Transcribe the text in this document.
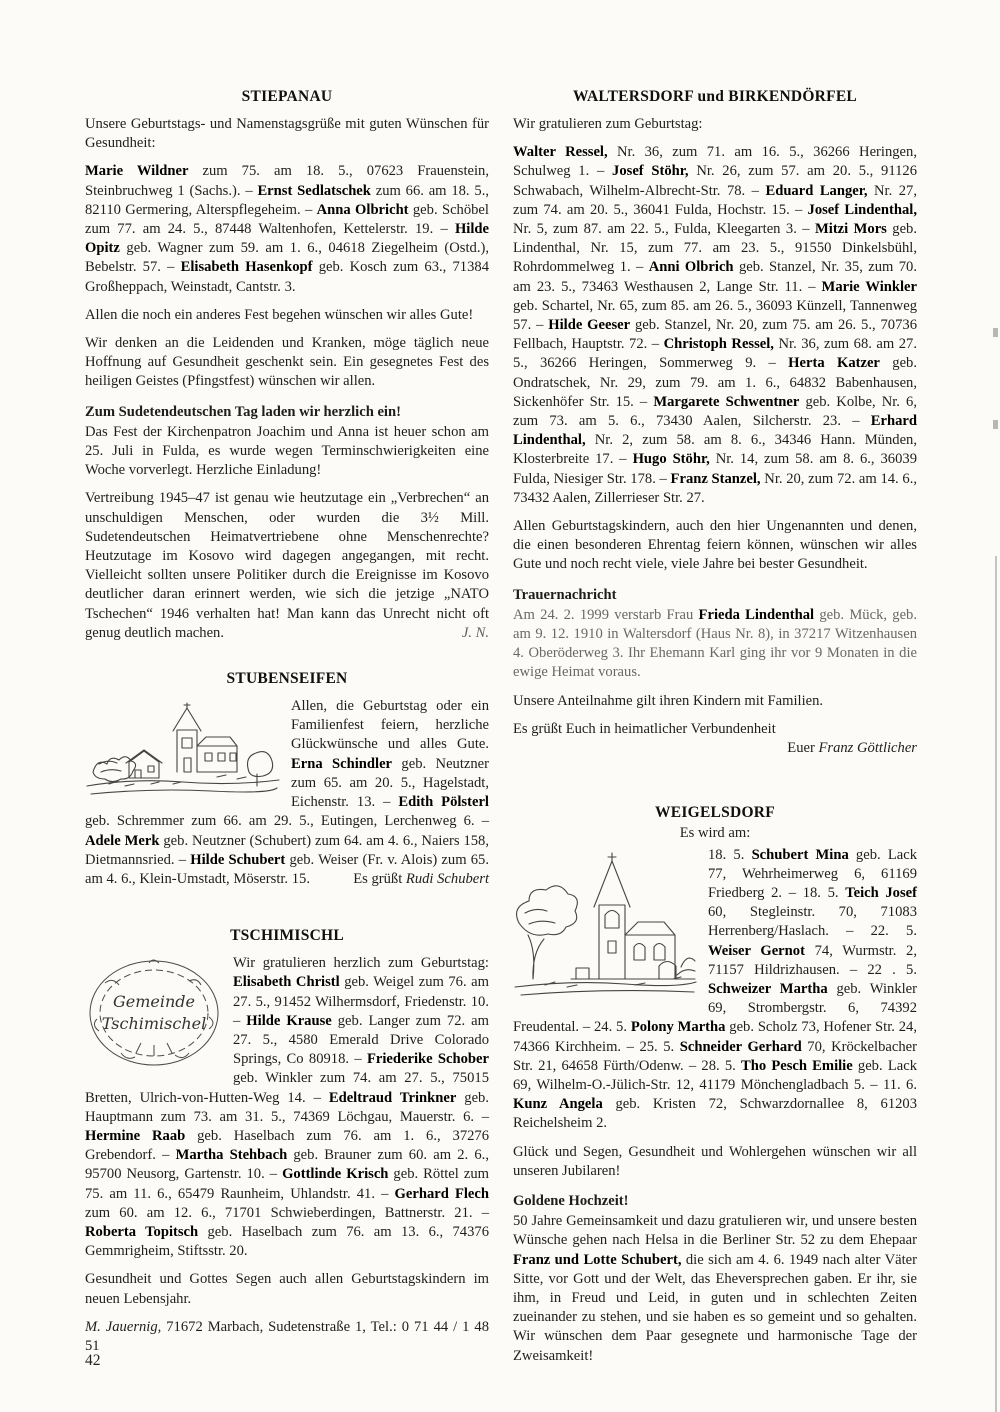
STIEPANAU

Unsere Geburtstags- und Namenstagsgrüße mit guten Wünschen für Gesundheit:

Marie Wildner zum 75. am 18. 5., 07623 Frauenstein, Steinbruchweg 1 (Sachs.). – Ernst Sedlatschek zum 66. am 18. 5., 82110 Germering, Alterspflegeheim. – Anna Olbricht geb. Schöbel zum 77. am 24. 5., 87448 Waltenhofen, Kettelerstr. 19. – Hilde Opitz geb. Wagner zum 59. am 1. 6., 04618 Ziegelheim (Ostd.), Bebelstr. 57. – Elisabeth Hasenkopf geb. Kosch zum 63., 71384 Großheppach, Weinstadt, Cantstr. 3.

Allen die noch ein anderes Fest begehen wünschen wir alles Gute!

Wir denken an die Leidenden und Kranken, möge täglich neue Hoffnung auf Gesundheit geschenkt sein. Ein gesegnetes Fest des heiligen Geistes (Pfingstfest) wünschen wir allen.

Zum Sudetendeutschen Tag laden wir herzlich ein!

Das Fest der Kirchenpatron Joachim und Anna ist heuer schon am 25. Juli in Fulda, es wurde wegen Terminschwierigkeiten eine Woche vorverlegt. Herzliche Einladung!

Vertreibung 1945–47 ist genau wie heutzutage ein „Verbrechen“ an unschuldigen Menschen, oder wurden die 3½ Mill. Sudetendeutschen Heimatvertriebene ohne Menschenrechte? Heutzutage im Kosovo wird dagegen angegangen, mit recht. Vielleicht sollten unsere Politiker durch die Ereignisse im Kosovo deutlicher daran erinnert werden, wie sich die jetzige „NATO Tschechen“ 1946 verhalten hat! Man kann das Unrecht nicht oft genug deutlich machen.	J. N.

STUBENSEIFEN

Allen, die Geburtstag oder ein Familienfest feiern, herzliche Glückwünsche und alles Gute. Erna Schindler geb. Neutzner zum 65. am 20. 5., Hagelstadt, Eichenstr. 13. – Edith Pölsterl geb. Schremmer zum 66. am 29. 5., Eutingen, Lerchenweg 6. – Adele Merk geb. Neutzner (Schubert) zum 64. am 4. 6., Naiers 158, Dietmannsried. – Hilde Schubert geb. Weiser (Fr. v. Alois) zum 65. am 4. 6., Klein-Umstadt, Möserstr. 15.	Es grüßt Rudi Schubert

TSCHIMISCHL
Gemeinde
Tschimischel

Wir gratulieren herzlich zum Geburtstag: Elisabeth Christl geb. Weigel zum 76. am 27. 5., 91452 Wilhermsdorf, Friedenstr. 10. – Hilde Krause geb. Langer zum 72. am 27. 5., 4580 Emerald Drive Colorado Springs, Co 80918. – Friederike Schober geb. Winkler zum 74. am 27. 5., 75015 Bretten, Ulrich-von-Hutten-Weg 14. – Edeltraud Trinkner geb. Hauptmann zum 73. am 31. 5., 74369 Löchgau, Mauerstr. 6. – Hermine Raab geb. Haselbach zum 76. am 1. 6., 37276 Grebendorf. – Martha Stehbach geb. Brauner zum 60. am 2. 6., 95700 Neusorg, Gartenstr. 10. – Gottlinde Krisch geb. Röttel zum 75. am 11. 6., 65479 Raunheim, Uhlandstr. 41. – Gerhard Flech zum 60. am 12. 6., 71701 Schwieberdingen, Battnerstr. 21. – Roberta Topitsch geb. Haselbach zum 76. am 13. 6., 74376 Gemmrigheim, Stiftsstr. 20.

Gesundheit und Gottes Segen auch allen Geburtstagskindern im neuen Lebensjahr.

M. Jauernig, 71672 Marbach, Sudetenstraße 1, Tel.: 0 71 44 / 1 48 51

WALTERSDORF und BIRKENDÖRFEL

Wir gratulieren zum Geburtstag:

Walter Ressel, Nr. 36, zum 71. am 16. 5., 36266 Heringen, Schulweg 1. – Josef Stöhr, Nr. 26, zum 57. am 20. 5., 91126 Schwabach, Wilhelm-Albrecht-Str. 78. – Eduard Langer, Nr. 27, zum 74. am 20. 5., 36041 Fulda, Hochstr. 15. – Josef Lindenthal, Nr. 5, zum 87. am 22. 5., Fulda, Kleegarten 3. – Mitzi Mors geb. Lindenthal, Nr. 15, zum 77. am 23. 5., 91550 Dinkelsbühl, Rohrdommelweg 1. – Anni Olbrich geb. Stanzel, Nr. 35, zum 70. am 23. 5., 73463 Westhausen 2, Lange Str. 11. – Marie Winkler geb. Schartel, Nr. 65, zum 85. am 26. 5., 36093 Künzell, Tannenweg 57. – Hilde Geeser geb. Stanzel, Nr. 20, zum 75. am 26. 5., 70736 Fellbach, Hauptstr. 72. – Christoph Ressel, Nr. 36, zum 68. am 27. 5., 36266 Heringen, Sommerweg 9. – Herta Katzer geb. Ondratschek, Nr. 29, zum 79. am 1. 6., 64832 Babenhausen, Sickenhöfer Str. 15. – Margarete Schwentner geb. Kolbe, Nr. 6, zum 73. am 5. 6., 73430 Aalen, Silcherstr. 23. – Erhard Lindenthal, Nr. 2, zum 58. am 8. 6., 34346 Hann. Münden, Klosterbreite 17. – Hugo Stöhr, Nr. 14, zum 58. am 8. 6., 36039 Fulda, Niesiger Str. 178. – Franz Stanzel, Nr. 20, zum 72. am 14. 6., 73432 Aalen, Zillerrieser Str. 27.

Allen Geburtstagskindern, auch den hier Ungenannten und denen, die einen besonderen Ehrentag feiern können, wünschen wir alles Gute und noch recht viele, viele Jahre bei bester Gesundheit.

Trauernachricht

Am 24. 2. 1999 verstarb Frau Frieda Lindenthal geb. Mück, geb. am 9. 12. 1910 in Waltersdorf (Haus Nr. 8), in 37217 Witzenhausen 4. Oberöderweg 3. Ihr Ehemann Karl ging ihr vor 9 Monaten in die ewige Heimat voraus.

Unsere Anteilnahme gilt ihren Kindern mit Familien.

Es grüßt Euch in heimatlicher Verbundenheit

Euer Franz Göttlicher

WEIGELSDORF

Es wird am:

18. 5. Schubert Mina geb. Lack 77, Wehrheimerweg 6, 61169 Friedberg 2. – 18. 5. Teich Josef 60, Stegleinstr. 70, 71083 Herrenberg/Haslach. – 22. 5. Weiser Gernot 74, Wurmstr. 2, 71157 Hildrizhausen. – 22 . 5. Schweizer Martha geb. Winkler 69, Strombergstr. 6, 74392 Freudental. – 24. 5. Polony Martha geb. Scholz 73, Hofener Str. 24, 74366 Kirchheim. – 25. 5. Schneider Gerhard 70, Kröckelbacher Str. 21, 64658 Fürth/Odenw. – 28. 5. Tho Pesch Emilie geb. Lack 69, Wilhelm-O.-Jülich-Str. 12, 41179 Mönchengladbach 5. – 11. 6. Kunz Angela geb. Kristen 72, Schwarzdornallee 8, 61203 Reichelsheim 2.

Glück und Segen, Gesundheit und Wohlergehen wünschen wir all unseren Jubilaren!

Goldene Hochzeit!

50 Jahre Gemeinsamkeit und dazu gratulieren wir, und unsere besten Wünsche gehen nach Helsa in die Berliner Str. 52 zu dem Ehepaar Franz und Lotte Schubert, die sich am 4. 6. 1949 nach alter Väter Sitte, vor Gott und der Welt, das Eheversprechen gaben. Er ihr, sie ihm, in Freud und Leid, in guten und in schlechten Zeiten zueinander zu stehen, und sie haben es so gemeint und so gehalten. Wir wünschen dem Paar gesegnete und harmonische Tage der Zweisamkeit!

42
